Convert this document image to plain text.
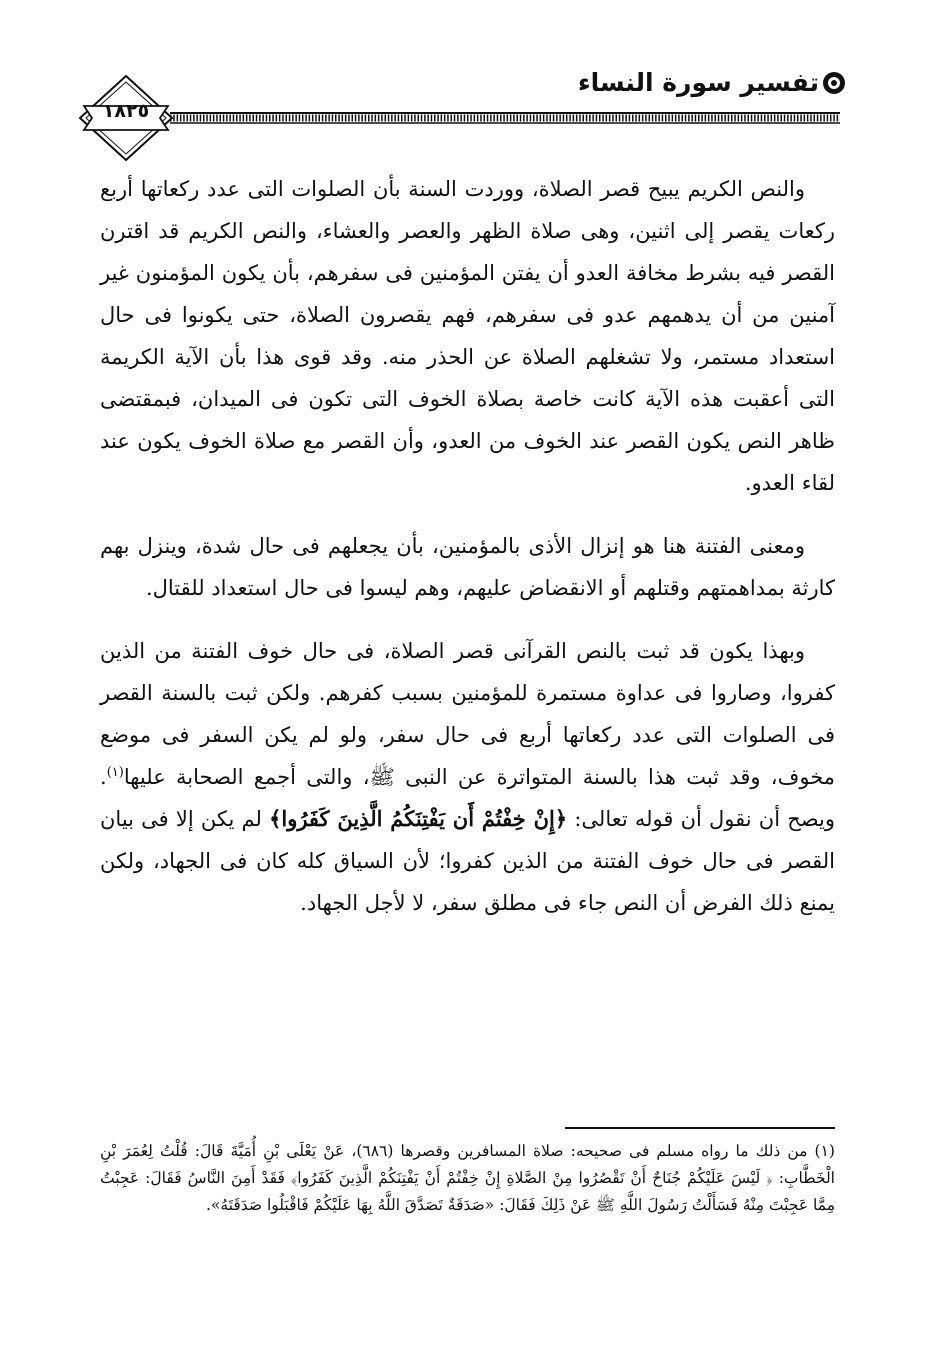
تفسير سورة النساء
١٨٢٥

والنص الكريم يبيح قصر الصلاة، ووردت السنة بأن الصلوات التى عدد ركعاتها أربع ركعات يقصر إلى اثنين، وهى صلاة الظهر والعصر والعشاء، والنص الكريم قد اقترن القصر فيه بشرط مخافة العدو أن يفتن المؤمنين فى سفرهم، بأن يكون المؤمنون غير آمنين من أن يدهمهم عدو فى سفرهم، فهم يقصرون الصلاة، حتى يكونوا فى حال استعداد مستمر، ولا تشغلهم الصلاة عن الحذر منه. وقد قوى هذا بأن الآية الكريمة التى أعقبت هذه الآية كانت خاصة بصلاة الخوف التى تكون فى الميدان، فبمقتضى ظاهر النص يكون القصر عند الخوف من العدو، وأن القصر مع صلاة الخوف يكون عند لقاء العدو.

ومعنى الفتنة هنا هو إنزال الأذى بالمؤمنين، بأن يجعلهم فى حال شدة، وينزل بهم كارثة بمداهمتهم وقتلهم أو الانقضاض عليهم، وهم ليسوا فى حال استعداد للقتال.

وبهذا يكون قد ثبت بالنص القرآنى قصر الصلاة، فى حال خوف الفتنة من الذين كفروا، وصاروا فى عداوة مستمرة للمؤمنين بسبب كفرهم. ولكن ثبت بالسنة القصر فى الصلوات التى عدد ركعاتها أربع فى حال سفر، ولو لم يكن السفر فى موضع مخوف، وقد ثبت هذا بالسنة المتواترة عن النبى ﷺ، والتى أجمع الصحابة عليها$^{(١)}$. ويصح أن نقول أن قوله تعالى: ﴿إِنْ خِفْتُمْ أَن يَفْتِنَكُمُ الَّذِينَ كَفَرُوا﴾ لم يكن إلا فى بيان القصر فى حال خوف الفتنة من الذين كفروا؛ لأن السياق كله كان فى الجهاد، ولكن يمنع ذلك الفرض أن النص جاء فى مطلق سفر، لا لأجل الجهاد.

(١) من ذلك ما رواه مسلم فى صحيحه: صلاة المسافرين وقصرها (٦٨٦)، عَنْ يَعْلَى بْنِ أُمَيَّةَ قَالَ: قُلْتُ لِعُمَرَ بْنِ الْخَطَّابِ: ﴿ لَيْسَ عَلَيْكُمْ جُنَاحٌ أَنْ تَقْصُرُوا مِنْ الصَّلاةِ إِنْ خِفْتُمْ أَنْ يَفْتِنَكُمْ الَّذِينَ كَفَرُوا﴾ فَقَدْ أَمِنَ النَّاسُ فَقَالَ: عَجِبْتُ مِمَّا عَجِبْتَ مِنْهُ فَسَأَلْتُ رَسُولَ اللَّهِ ﷺ عَنْ ذَلِكَ فَقَالَ: «صَدَقَةٌ تَصَدَّقَ اللَّهُ بِهَا عَلَيْكُمْ فَاقْبَلُوا صَدَقَتَهُ».
